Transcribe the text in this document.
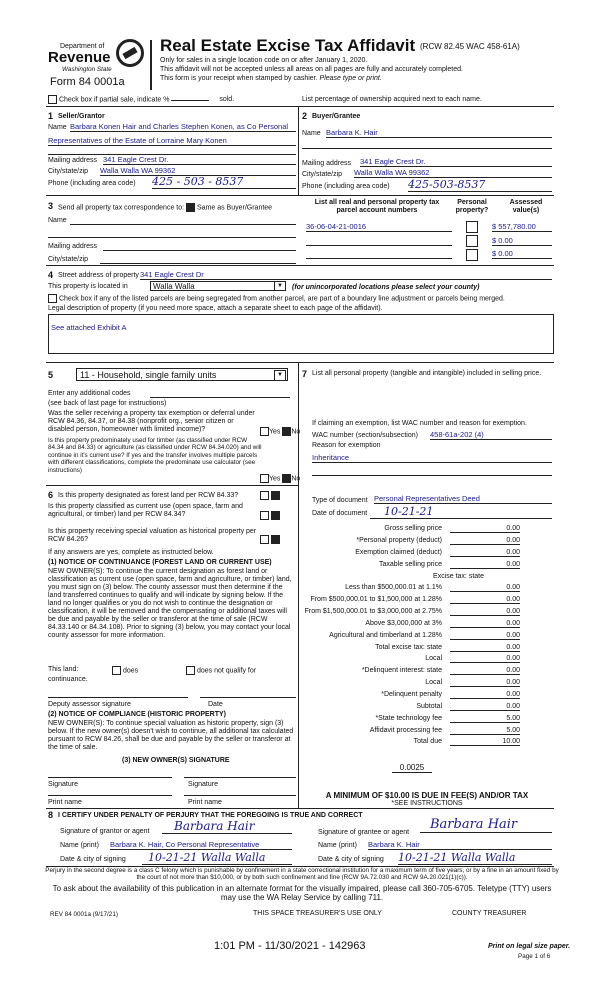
Department of
Revenue
Washington State
Form 84 0001a
Real Estate Excise Tax Affidavit (RCW 82.45 WAC 458-61A)
Only for sales in a single location code on or after January 1, 2020.
This affidavit will not be accepted unless all areas on all pages are fully and accurately completed.
This form is your receipt when stamped by cashier. Please type or print.
Check box if partial sale, indicate %	sold.	List percentage of ownership acquired next to each name.
1 Seller/Grantor
Name Barbara Konen Hair and Charles Stephen Konen, as Co Personal
Representatives of the Estate of Lorraine Mary Konen
Mailing address 341 Eagle Crest Dr.
City/state/zip Walla Walla WA 99362
Phone (including area code) 425 - 503 - 8537
2 Buyer/Grantee
Name Barbara K. Hair
Mailing address 341 Eagle Crest Dr.
City/state/zip Walla Walla WA 99362
Phone (including area code) 425-503-8537
3 Send all property tax correspondence to: Same as Buyer/Grantee
Name
Mailing address
City/state/zip
List all real and personal property tax parcel account numbers
Personal property?
Assessed value(s)
36-06-04-21-0016	$ 557,780.00
$ 0.00
$ 0.00
4 Street address of property 341 Eagle Crest Dr
This property is located in	Walla Walla	▼ (for unincorporated locations please select your county)
Check box if any of the listed parcels are being segregated from another parcel, are part of a boundary line adjustment or parcels being merged.
Legal description of property (if you need more space, attach a separate sheet to each page of the affidavit).
See attached Exhibit A
5	11 - Household, single family units	▼
Enter any additional codes
(see back of last page for instructions)
Was the seller receiving a property tax exemption or deferral under RCW 84.36, 84.37, or 84.38 (nonprofit org., senior citizen or disabled person, homeowner with limited income)?	Yes No
Is this property predominately used for timber (as classified under RCW 84.34 and 84.33) or agriculture (as classified under RCW 84.34.020) and will continue in it's current use? If yes and the transfer involves multiple parcels with different classifications, complete the predominate use calculator (see instructions)
Yes No
6 Is this property designated as forest land per RCW 84.33?

Is this property classified as current use (open space, farm and agricultural, or timber) land per RCW 84.34?

Is this property receiving special valuation as historical property per RCW 84.26?

If any answers are yes, complete as instructed below.
(1) NOTICE OF CONTINUANCE (FOREST LAND OR CURRENT USE)
NEW OWNER(S): To continue the current designation as forest land or classification as current use (open space, farm and agriculture, or timber) land, you must sign on (3) below. The county assessor must then determine if the land transferred continues to qualify and will indicate by signing below. If the land no longer qualifies or you do not wish to continue the designation or classification, it will be removed and the compensating or additional taxes will be due and payable by the seller or transferor at the time of sale (RCW 84.33.140 or 84.34.108). Prior to signing (3) below, you may contact your local county assessor for more information.
This land:	does	does not qualify for
continuance.
Deputy assessor signature	Date
(2) NOTICE OF COMPLIANCE (HISTORIC PROPERTY)
NEW OWNER(S): To continue special valuation as historic property, sign (3) below. If the new owner(s) doesn't wish to continue, all additional tax calculated pursuant to RCW 84.26, shall be due and payable by the seller or transferor at the time of sale.
(3) NEW OWNER(S) SIGNATURE
Signature	Signature
Print name	Print name
7 List all personal property (tangible and intangible) included in selling price.
If claiming an exemption, list WAC number and reason for exemption.
WAC number (section/subsection) 458-61a-202 (4)
Reason for exemption
Inheritance
Type of document Personal Representatives Deed
Date of document	10-21-21
Gross selling price	0.00
*Personal property (deduct)	0.00
Exemption claimed (deduct)	0.00
Taxable selling price	0.00
Excise tax: state
Less than $500,000.01 at 1.1%	0.00
From $500,000.01 to $1,500,000 at 1.28%	0.00
From $1,500,000.01 to $3,000,000 at 2.75%	0.00
Above $3,000,000 at 3%	0.00
Agricultural and timberland at 1.28%	0.00
Total excise tax: state	0.00
Local	0.00
*Delinquent interest: state	0.00
Local	0.00
*Delinquent penalty	0.00
Subtotal	0.00
*State technology fee	5.00
Affidavit processing fee	5.00
Total due	10.00
0.0025
A MINIMUM OF $10.00 IS DUE IN FEE(S) AND/OR TAX
*SEE INSTRUCTIONS
8 I CERTIFY UNDER PENALTY OF PERJURY THAT THE FOREGOING IS TRUE AND CORRECT
Signature of grantor or agent	Barbara Hair
Name (print) Barbara K. Hair, Co Personal Representative
Date & city of signing	10-21-21 Walla Walla
Signature of grantee or agent
Barbara Hair
Name (print) Barbara K. Hair
Date & city of signing 10-21-21 Walla Walla
Perjury in the second degree is a class C felony which is punishable by confinement in a state correctional institution for a maximum term of five years, or by a fine in an amount fixed by the court of not more than $10,000, or by both such confinement and fine (RCW 9A.72.030 and RCW 9A.20.021(1)(c)).
To ask about the availability of this publication in an alternate format for the visually impaired, please call 360-705-6705. Teletype (TTY) users may use the WA Relay Service by calling 711.
REV 84 0001a (9/17/21)	THIS SPACE TREASURER'S USE ONLY	COUNTY TREASURER
1:01 PM - 11/30/2021 - 142963	Print on legal size paper.
Page 1 of 6
